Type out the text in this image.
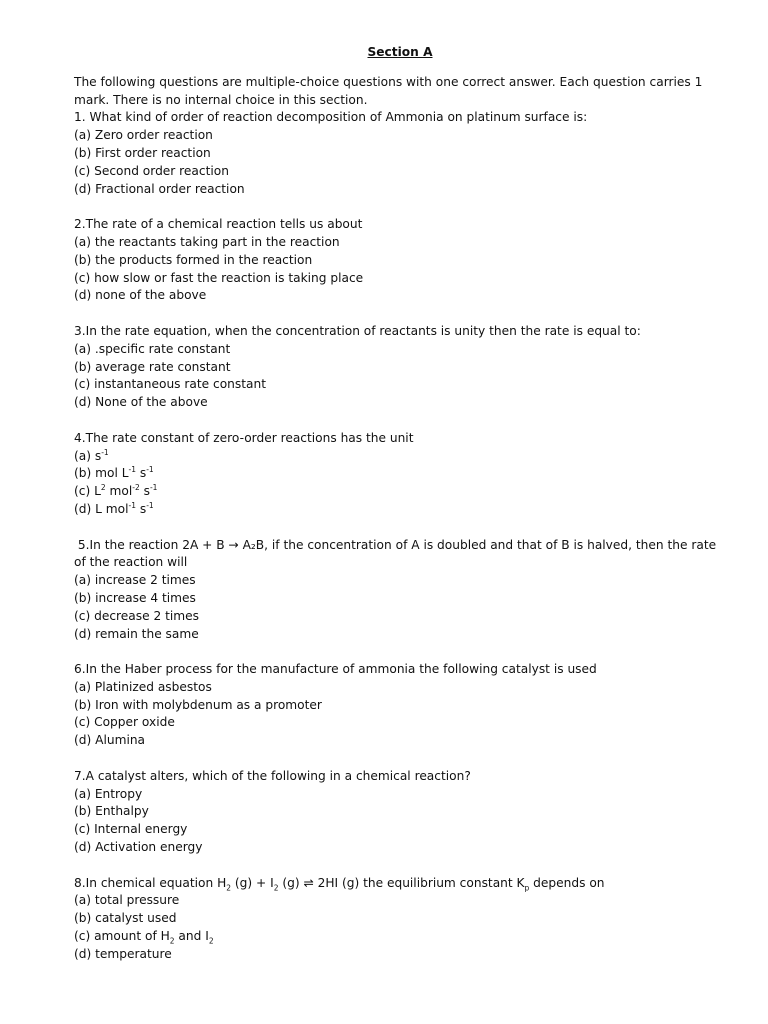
Section A
The following questions are multiple-choice questions with one correct answer. Each question carries 1 mark. There is no internal choice in this section.
1. What kind of order of reaction decomposition of Ammonia on platinum surface is:
(a) Zero order reaction
(b) First order reaction
(c) Second order reaction
(d) Fractional order reaction
2.The rate of a chemical reaction tells us about
(a) the reactants taking part in the reaction
(b) the products formed in the reaction
(c) how slow or fast the reaction is taking place
(d) none of the above
3.In the rate equation, when the concentration of reactants is unity then the rate is equal to:
(a) .specific rate constant
(b) average rate constant
(c) instantaneous rate constant
(d) None of the above
4.The rate constant of zero-order reactions has the unit
(a) $s^{-1}$
(b) mol $L^{-1}$ $s^{-1}$
(c) $L^2$ mol$^{-2}$ $s^{-1}$
(d) L mol$^{-1}$ $s^{-1}$
5.In the reaction 2A + B → A₂B, if the concentration of A is doubled and that of B is halved, then the rate of the reaction will
(a) increase 2 times
(b) increase 4 times
(c) decrease 2 times
(d) remain the same
6.In the Haber process for the manufacture of ammonia the following catalyst is used
(a) Platinized asbestos
(b) Iron with molybdenum as a promoter
(c) Copper oxide
(d) Alumina
7.A catalyst alters, which of the following in a chemical reaction?
(a) Entropy
(b) Enthalpy
(c) Internal energy
(d) Activation energy
8.In chemical equation $H_2$ $(g) + I_2$ (g) ⇌ 2HI (g) the equilibrium constant $K_p$ depends on
(a) total pressure
(b) catalyst used
(c) amount of $H_2$ and $I_2$
(d) temperature
